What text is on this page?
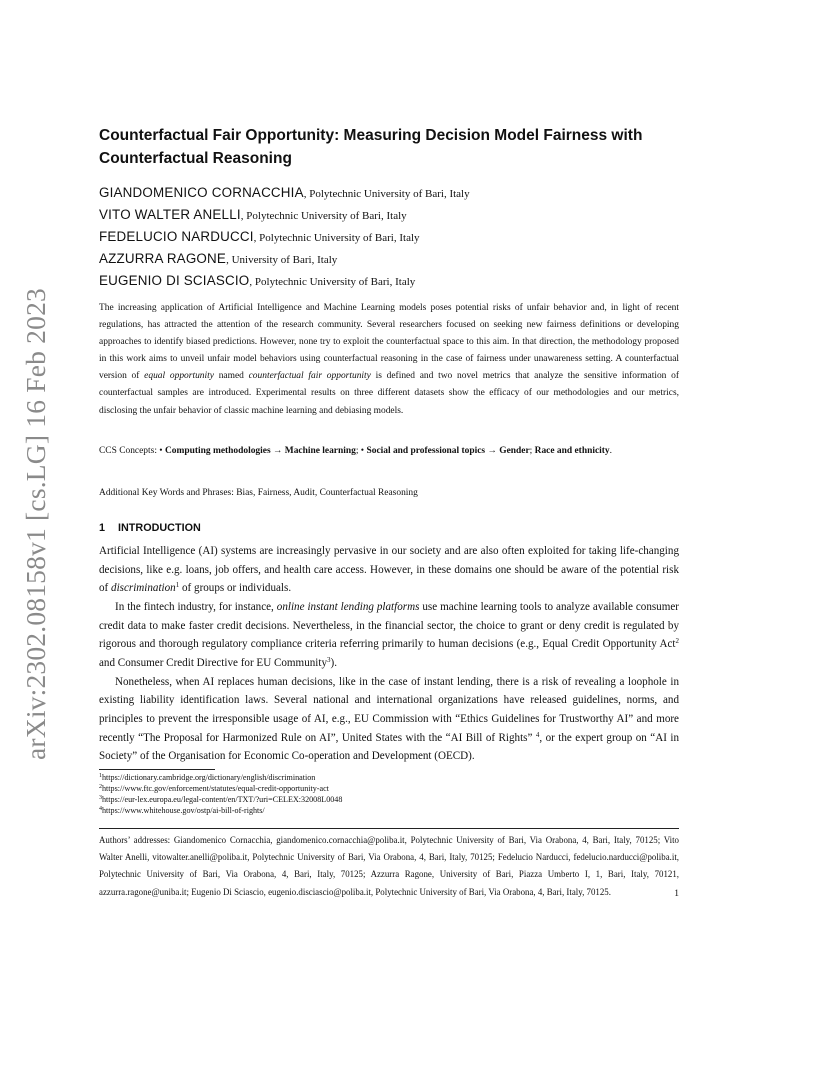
arXiv:2302.08158v1 [cs.LG] 16 Feb 2023
Counterfactual Fair Opportunity: Measuring Decision Model Fairness with Counterfactual Reasoning
GIANDOMENICO CORNACCHIA, Polytechnic University of Bari, Italy
VITO WALTER ANELLI, Polytechnic University of Bari, Italy
FEDELUCIO NARDUCCI, Polytechnic University of Bari, Italy
AZZURRA RAGONE, University of Bari, Italy
EUGENIO DI SCIASCIO, Polytechnic University of Bari, Italy
The increasing application of Artificial Intelligence and Machine Learning models poses potential risks of unfair behavior and, in light of recent regulations, has attracted the attention of the research community. Several researchers focused on seeking new fairness definitions or developing approaches to identify biased predictions. However, none try to exploit the counterfactual space to this aim. In that direction, the methodology proposed in this work aims to unveil unfair model behaviors using counterfactual reasoning in the case of fairness under unawareness setting. A counterfactual version of equal opportunity named counterfactual fair opportunity is defined and two novel metrics that analyze the sensitive information of counterfactual samples are introduced. Experimental results on three different datasets show the efficacy of our methodologies and our metrics, disclosing the unfair behavior of classic machine learning and debiasing models.
CCS Concepts: • Computing methodologies → Machine learning; • Social and professional topics → Gender; Race and ethnicity.
Additional Key Words and Phrases: Bias, Fairness, Audit, Counterfactual Reasoning
1 INTRODUCTION

Artificial Intelligence (AI) systems are increasingly pervasive in our society and are also often exploited for taking life-changing decisions, like e.g. loans, job offers, and health care access. However, in these domains one should be aware of the potential risk of discrimination$^1$ of groups or individuals.

In the fintech industry, for instance, online instant lending platforms use machine learning tools to analyze available consumer credit data to make faster credit decisions. Nevertheless, in the financial sector, the choice to grant or deny credit is regulated by rigorous and thorough regulatory compliance criteria referring primarily to human decisions (e.g., Equal Credit Opportunity Act$^2$ and Consumer Credit Directive for EU Community$^3$).

Nonetheless, when AI replaces human decisions, like in the case of instant lending, there is a risk of revealing a loophole in existing liability identification laws. Several national and international organizations have released guidelines, norms, and principles to prevent the irresponsible usage of AI, e.g., EU Commission with “Ethics Guidelines for Trustworthy AI” and more recently “The Proposal for Harmonized Rule on AI”, United States with the “AI Bill of Rights” $^4$, or the expert group on “AI in Society” of the Organisation for Economic Co-operation and Development (OECD).

$^1$https://dictionary.cambridge.org/dictionary/english/discrimination
$^2$https://www.ftc.gov/enforcement/statutes/equal-credit-opportunity-act
$^3$https://eur-lex.europa.eu/legal-content/en/TXT/?uri=CELEX:32008L0048
$^4$https://www.whitehouse.gov/ostp/ai-bill-of-rights/
Authors’ addresses: Giandomenico Cornacchia, giandomenico.cornacchia@poliba.it, Polytechnic University of Bari, Via Orabona, 4, Bari, Italy, 70125; Vito Walter Anelli, vitowalter.anelli@poliba.it, Polytechnic University of Bari, Via Orabona, 4, Bari, Italy, 70125; Fedelucio Narducci, fedelucio.narducci@poliba.it, Polytechnic University of Bari, Via Orabona, 4, Bari, Italy, 70125; Azzurra Ragone, University of Bari, Piazza Umberto I, 1, Bari, Italy, 70121, azzurra.ragone@uniba.it; Eugenio Di Sciascio, eugenio.disciascio@poliba.it, Polytechnic University of Bari, Via Orabona, 4, Bari, Italy, 70125.	1
